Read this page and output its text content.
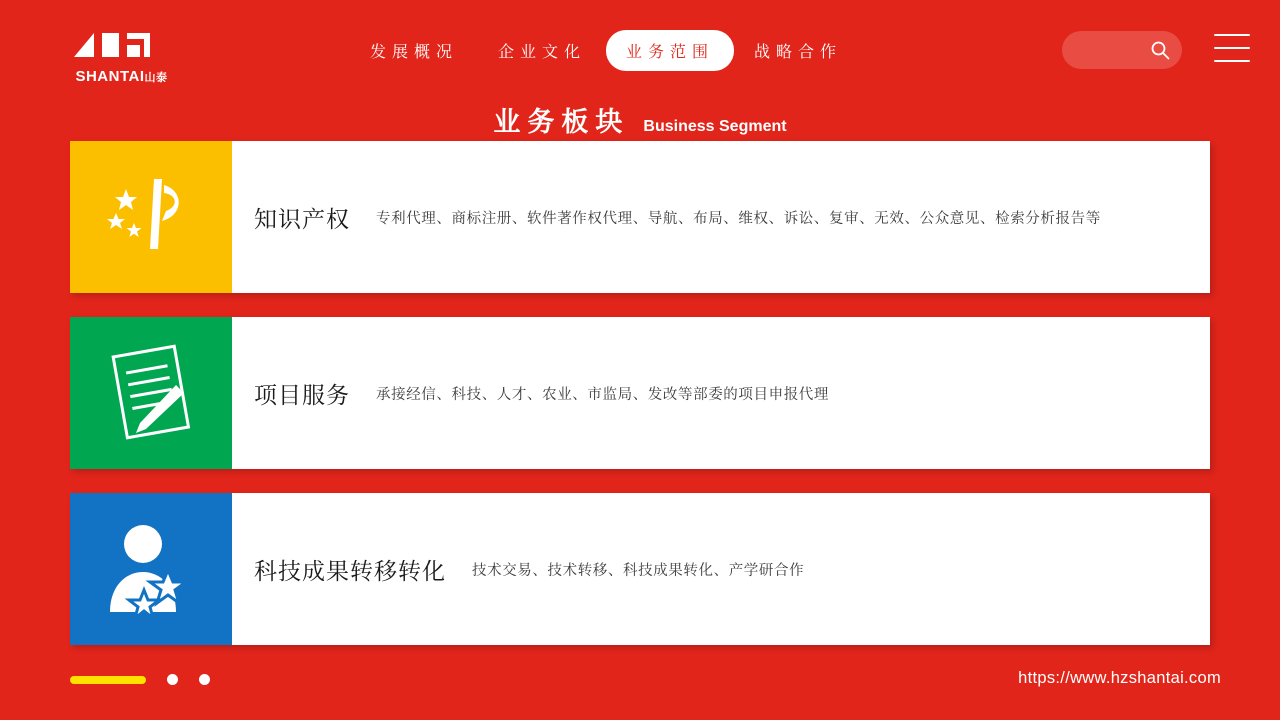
SHANTAI山泰
发展概况	企业文化	业务范围	战略合作
业务板块 Business Segment
知识产权 专利代理、商标注册、软件著作权代理、导航、布局、维权、诉讼、复审、无效、公众意见、检索分析报告等
项目服务 承接经信、科技、人才、农业、市监局、发改等部委的项目申报代理
科技成果转移转化 技术交易、技术转移、科技成果转化、产学研合作
https://www.hzshantai.com
